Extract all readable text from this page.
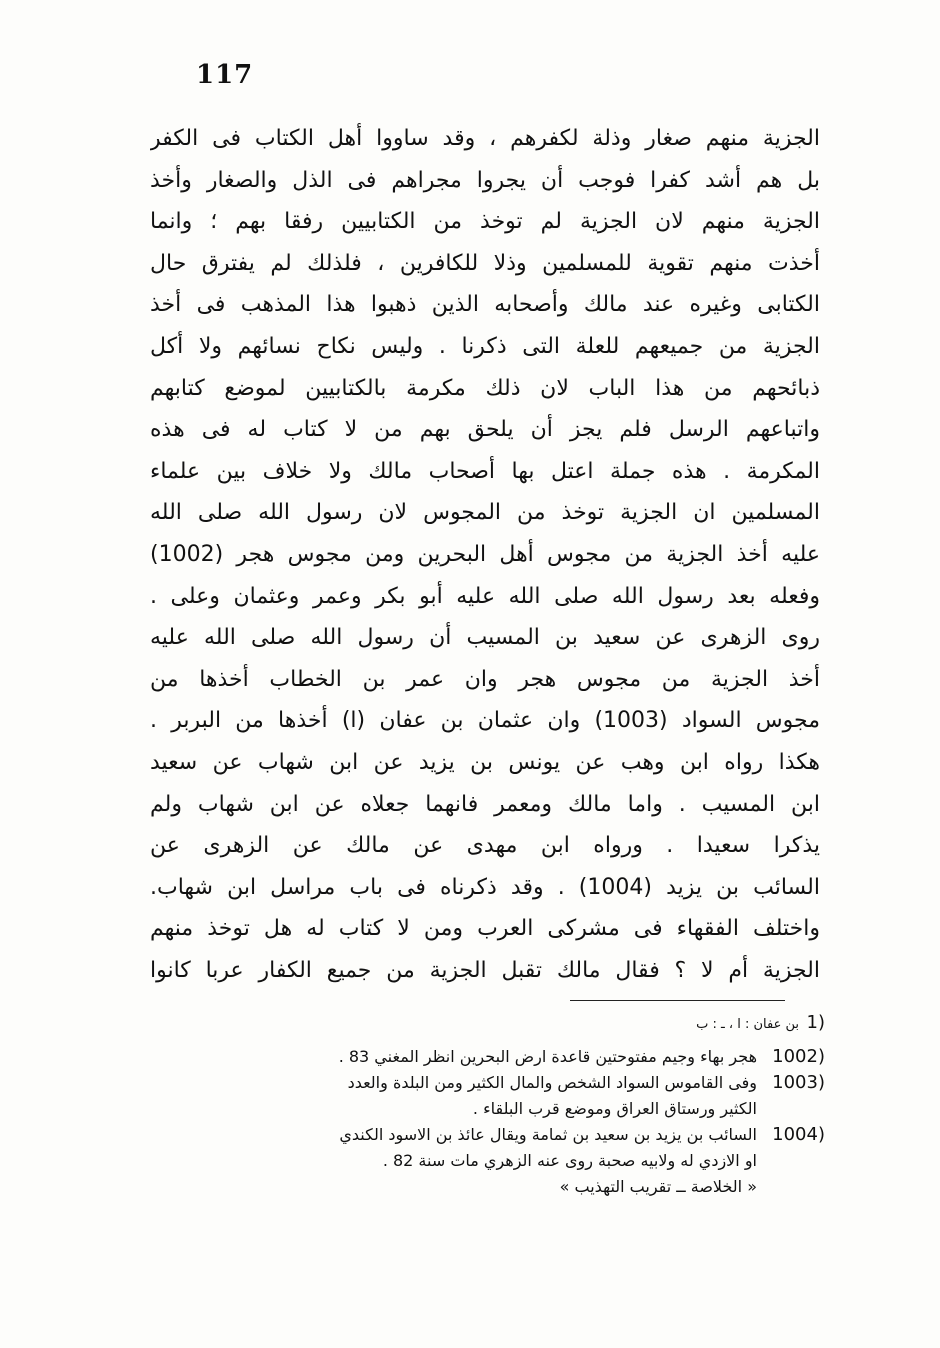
117
الجزية منهم صغار وذلة لكفرهم ، وقد ساووا أهل الكتاب فى الكفر
بل هم أشد كفرا فوجب أن يجروا مجراهم فى الذل والصغار وأخذ
الجزية منهم لان الجزية لم توخذ من الكتابيين رفقا بهم ؛ وانما
أخذت منهم تقوية للمسلمين وذلا للكافرين ، فلذلك لم يفترق حال
الكتابى وغيره عند مالك وأصحابه الذين ذهبوا هذا المذهب فى أخذ
الجزية من جميعهم للعلة التى ذكرنا . وليس نكاح نسائهم ولا أكل
ذبائحهم من هذا الباب لان ذلك مكرمة بالكتابيين لموضع كتابهم
واتباعهم الرسل فلم يجز أن يلحق بهم من لا كتاب له فى هذه
المكرمة . هذه جملة اعتل بها أصحاب مالك ولا خلاف بين علماء
المسلمين ان الجزية توخذ من المجوس لان رسول الله صلى الله
عليه أخذ الجزية من مجوس أهل البحرين ومن مجوس هجر (1002)
وفعله بعد رسول الله صلى الله عليه أبو بكر وعمر وعثمان وعلى .
روى الزهرى عن سعيد بن المسيب أن رسول الله صلى الله عليه
أخذ الجزية من مجوس هجر وان عمر بن الخطاب أخذها من
مجوس السواد (1003) وان عثمان بن عفان (ا) أخذها من البربر .
هكذا رواه ابن وهب عن يونس بن يزيد عن ابن شهاب عن سعيد
ابن المسيب . واما مالك ومعمر فانهما جعلاه عن ابن شهاب ولم
يذكرا سعيدا . ورواه ابن مهدى عن مالك عن الزهرى عن
السائب بن يزيد (1004) . وقد ذكرناه فى باب مراسل ابن شهاب.
واختلف الفقهاء فى مشركى العرب ومن لا كتاب له هل توخذ منهم
الجزية أم لا ؟ فقال مالك تقبل الجزية من جميع الكفار عربا كانوا
(1
بن عفان : ا ، ـ : ب
(1002
هجر بهاء وجيم مفتوحتين قاعدة ارض البحرين انظر المغني 83 .
(1003
وفى القاموس السواد الشخص والمال الكثير ومن البلدة والعدد
الكثير ورستاق العراق وموضع قرب البلقاء .
(1004
السائب بن يزيد بن سعيد بن ثمامة ويقال عائذ بن الاسود الكندي
او الازدي له ولابيه صحبة روى عنه الزهري مات سنة 82 .
« الخلاصة ــ تقريب التهذيب »
